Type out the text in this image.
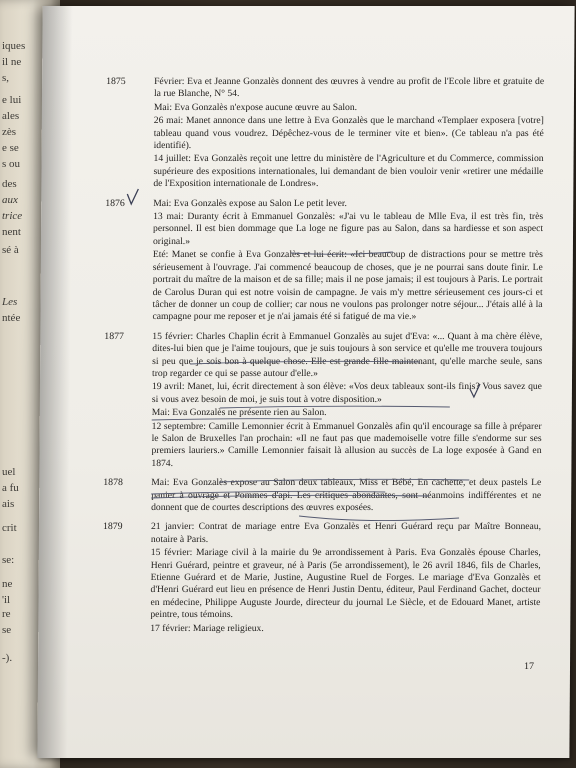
iques
il ne
s,
e lui
ales
zès
e se
s ou
des
aux
trice
nent
sé à
Les
ntée
uel
a fu
ais
crit
se:
ne
'il
re
se
-).
1875	Février: Eva et Jeanne Gonzalès donnent des œuvres à vendre au profit de l'Ecole libre et gratuite de la rue Blanche, N° 54.

Mai: Eva Gonzalès n'expose aucune œuvre au Salon.

26 mai: Manet annonce dans une lettre à Eva Gonzalès que le marchand «Templaer exposera [votre] tableau quand vous voudrez. Dépêchez-vous de le terminer vite et bien». (Ce tableau n'a pas été identifié).

14 juillet: Eva Gonzalès reçoit une lettre du ministère de l'Agriculture et du Commerce, commission supérieure des expositions internationales, lui demandant de bien vouloir venir «retirer une médaille de l'Exposition internationale de Londres».

1876	Mai: Eva Gonzalès expose au Salon Le petit lever.

13 mai: Duranty écrit à Emmanuel Gonzalès: «J'ai vu le tableau de Mlle Eva, il est très fin, très personnel. Il est bien dommage que La loge ne figure pas au Salon, dans sa hardiesse et son aspect original.»

Eté: Manet se confie à Eva Gonzalès et lui écrit: «Ici beaucoup de distractions pour se mettre très sérieusement à l'ouvrage. J'ai commencé beaucoup de choses, que je ne pourrai sans doute finir. Le portrait du maître de la maison et de sa fille; mais il ne pose jamais; il est toujours à Paris. Le portrait de Carolus Duran qui est notre voisin de campagne. Je vais m'y mettre sérieusement ces jours-ci et tâcher de donner un coup de collier; car nous ne voulons pas prolonger notre séjour... J'étais allé à la campagne pour me reposer et je n'ai jamais été si fatigué de ma vie.»

1877	15 février: Charles Chaplin écrit à Emmanuel Gonzalès au sujet d'Eva: «... Quant à ma chère élève, dites-lui bien que je l'aime toujours, que je suis toujours à son service et qu'elle me trouvera toujours si peu que je sois bon à quelque chose. Elle est grande fille maintenant, qu'elle marche seule, sans trop regarder ce qui se passe autour d'elle.»

19 avril: Manet, lui, écrit directement à son élève: «Vos deux tableaux sont-ils finis? Vous savez que si vous avez besoin de moi, je suis tout à votre disposition.»

Mai: Eva Gonzalès ne présente rien au Salon.

12 septembre: Camille Lemonnier écrit à Emmanuel Gonzalès afin qu'il encourage sa fille à préparer le Salon de Bruxelles l'an prochain: «Il ne faut pas que mademoiselle votre fille s'endorme sur ses premiers lauriers.» Camille Lemonnier faisait là allusion au succès de La loge exposée à Gand en 1874.

1878	Mai: Eva Gonzalès expose au Salon deux tableaux, Miss et Bébé, En cachette, et deux pastels Le panier à ouvrage et Pommes d'api. Les critiques abondantes, sont néanmoins indifférentes et ne donnent que de courtes descriptions des œuvres exposées.

1879	21 janvier: Contrat de mariage entre Eva Gonzalès et Henri Guérard reçu par Maître Bonneau, notaire à Paris.

15 février: Mariage civil à la mairie du 9e arrondissement à Paris. Eva Gonzalès épouse Charles, Henri Guérard, peintre et graveur, né à Paris (5e arrondissement), le 26 avril 1846, fils de Charles, Etienne Guérard et de Marie, Justine, Augustine Ruel de Forges. Le mariage d'Eva Gonzalès et d'Henri Guérard eut lieu en présence de Henri Justin Dentu, éditeur, Paul Ferdinand Gachet, docteur en médecine, Philippe Auguste Jourde, directeur du journal Le Siècle, et de Edouard Manet, artiste peintre, tous témoins.

17 février: Mariage religieux.

17
